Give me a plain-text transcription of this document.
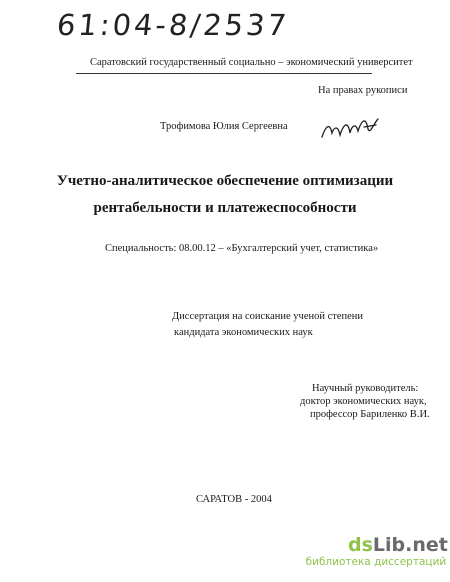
61:04-8/2537
Саратовский государственный социально – экономический университет
На правах рукописи
Трофимова Юлия Сергеевна
Учетно-аналитическое обеспечение оптимизации
рентабельности и платежеспособности
Специальность: 08.00.12 – «Бухгалтерский учет, статистика»
Диссертация на соискание ученой степени
кандидата экономических наук
Научный руководитель:
доктор экономических наук,
профессор Бариленко В.И.
САРАТОВ - 2004
dsLib.net
библиотека диссертаций
